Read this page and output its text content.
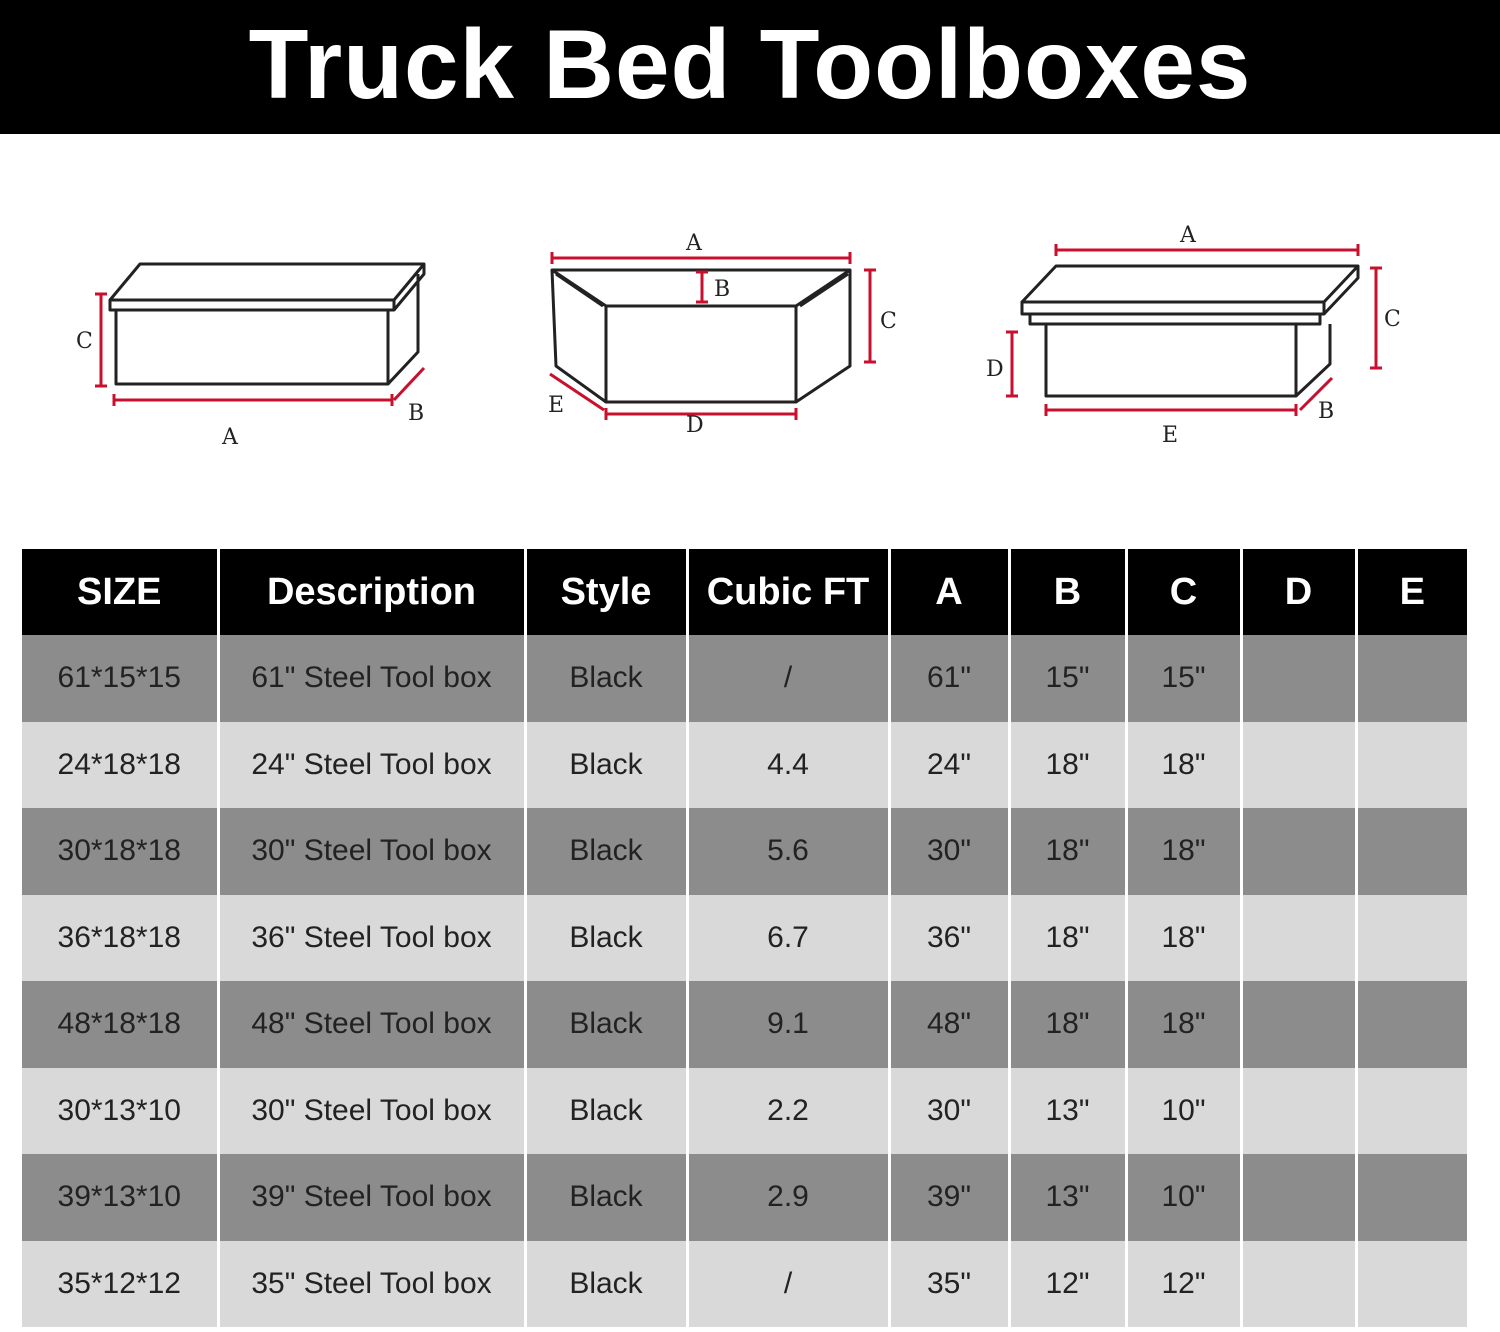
Truck Bed Toolboxes
C
A
B
A
B
C
D
E
A
C
D
E
B
SIZE	Description	Style	Cubic FT	A	B	C	D	E
61*15*15	61" Steel Tool box	Black	/	61"	15"	15"		
24*18*18	24" Steel Tool box	Black	4.4	24"	18"	18"		
30*18*18	30" Steel Tool box	Black	5.6	30"	18"	18"		
36*18*18	36" Steel Tool box	Black	6.7	36"	18"	18"		
48*18*18	48" Steel Tool box	Black	9.1	48"	18"	18"		
30*13*10	30" Steel Tool box	Black	2.2	30"	13"	10"		
39*13*10	39" Steel Tool box	Black	2.9	39"	13"	10"		
35*12*12	35" Steel Tool box	Black	/	35"	12"	12"		
